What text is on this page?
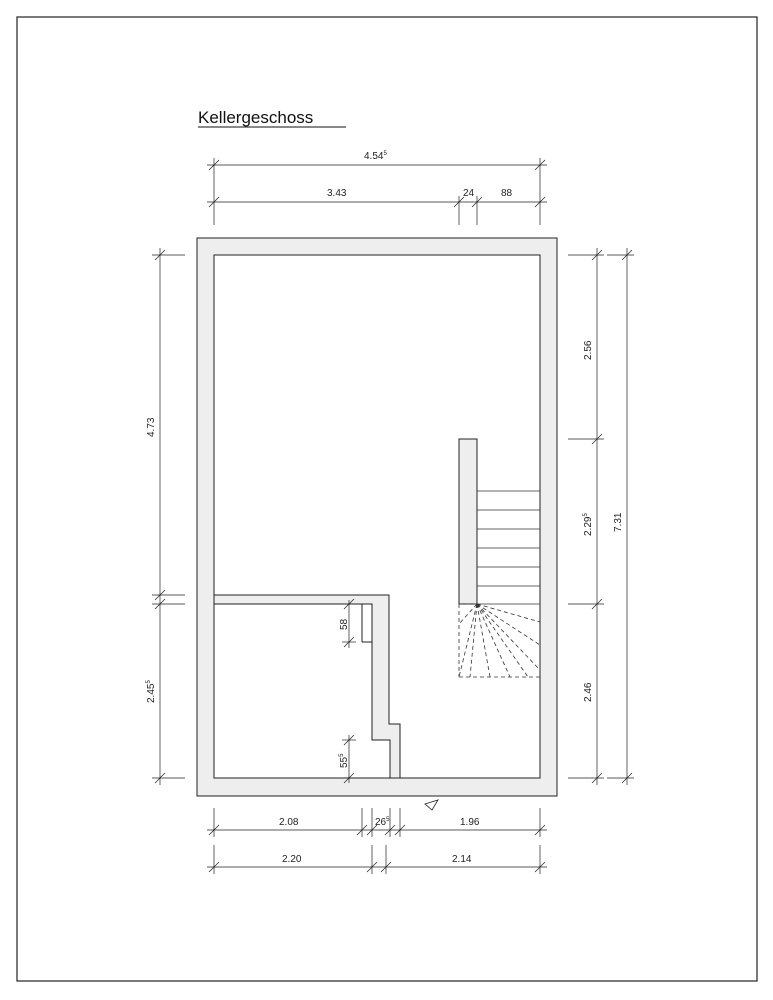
Kellergeschoss
4.54$^5$
3.43	24	88
4.73
2.45$^5$
2.56
2.29$^5$
2.46
7.31
58
$55^5$
2.08	$26^5$	1.96
2.20	2.14
